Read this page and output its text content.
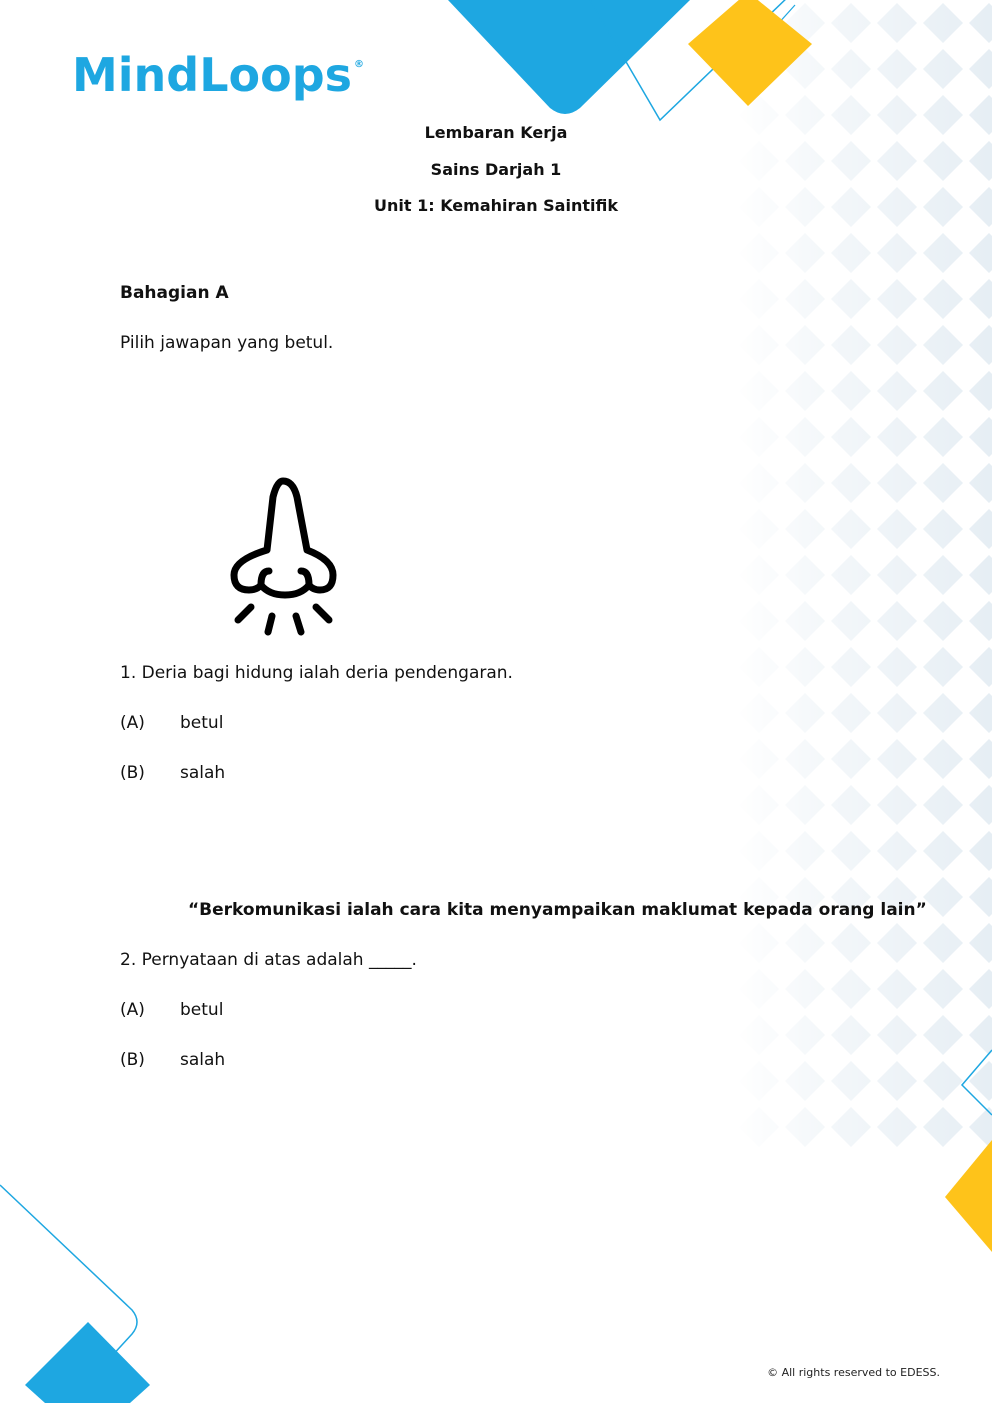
MindLoops ®
Lembaran Kerja
Sains Darjah 1
Unit 1: Kemahiran Saintifik
Bahagian A
Pilih jawapan yang betul.
1. Deria bagi hidung ialah deria pendengaran.
(A) betul
(B) salah
“Berkomunikasi ialah cara kita menyampaikan maklumat kepada orang lain”
2. Pernyataan di atas adalah _____.
(A) betul
(B) salah
© All rights reserved to EDESS.
